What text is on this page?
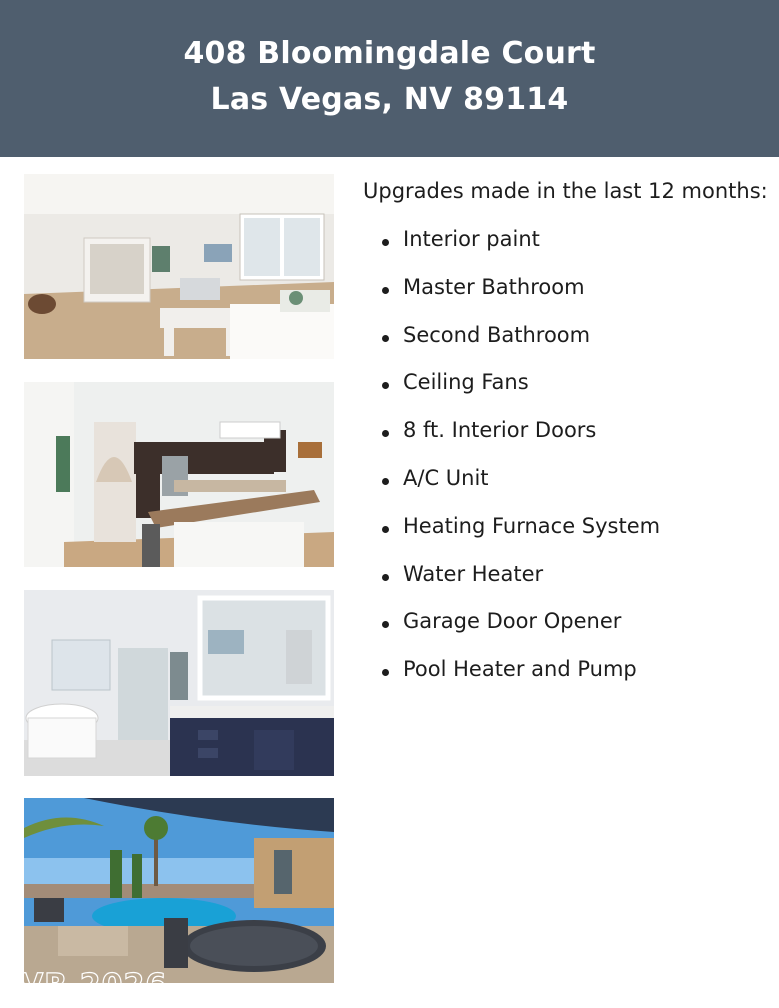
408 Bloomingdale Court
Las Vegas, NV 89114
Upgrades made in the last 12 months:
Interior paint
Master Bathroom
Second Bathroom
Ceiling Fans
8 ft. Interior Doors
A/C Unit
Heating Furnace System
Water Heater
Garage Door Opener
Pool Heater and Pump
LVR 2026
